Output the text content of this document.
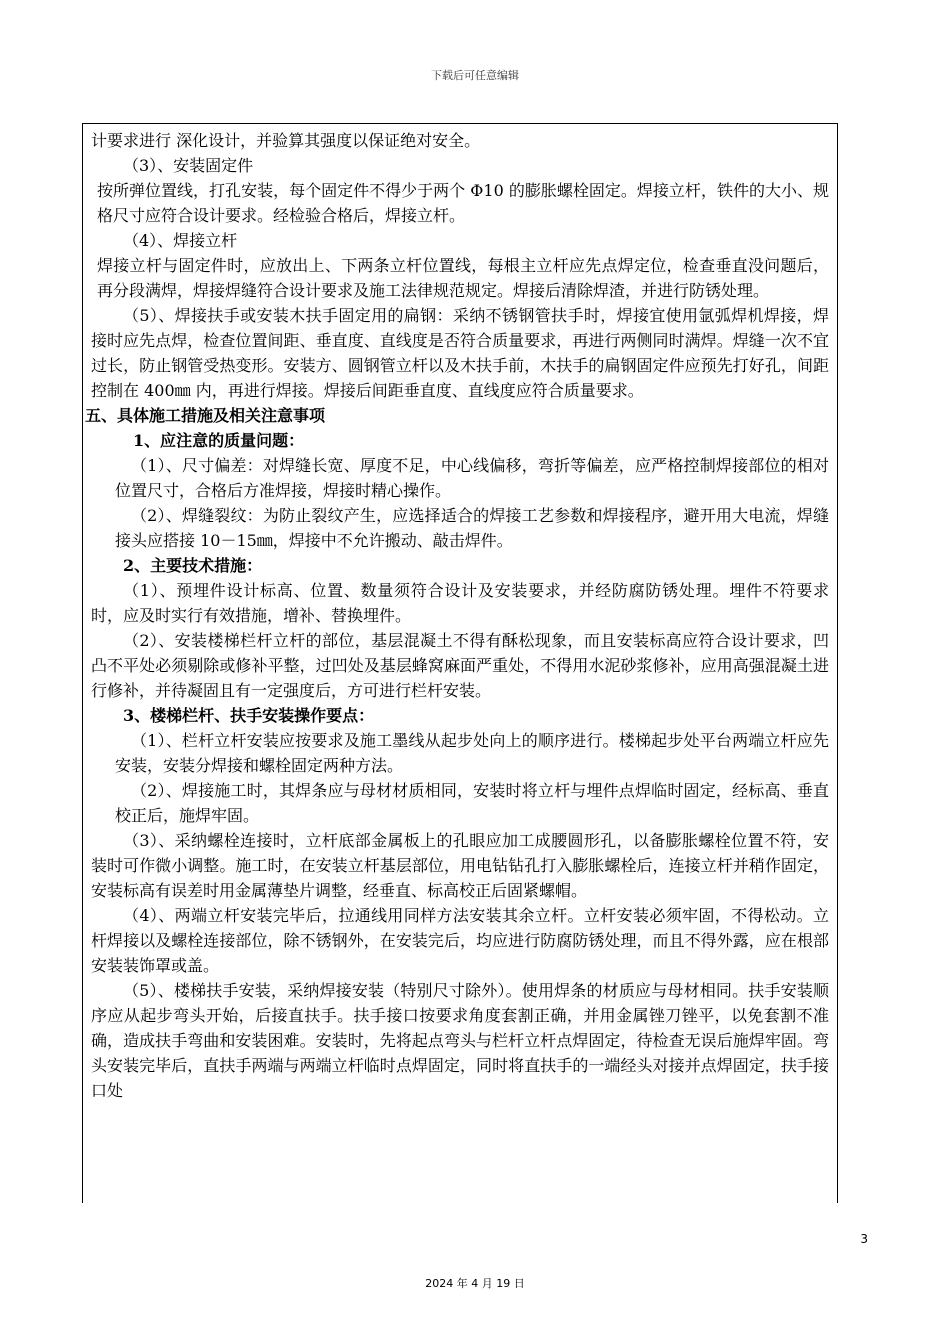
下载后可任意编辑

计要求进行 深化设计，并验算其强度以保证绝对安全。

（3）、安装固定件

按所弹位置线，打孔安装，每个固定件不得少于两个 Φ10 的膨胀螺栓固定。焊接立杆，铁件的大小、规格尺寸应符合设计要求。经检验合格后，焊接立杆。

（4）、焊接立杆

焊接立杆与固定件时，应放出上、下两条立杆位置线，每根主立杆应先点焊定位，检查垂直没问题后，再分段满焊，焊接焊缝符合设计要求及施工法律规范规定。焊接后清除焊渣，并进行防锈处理。

（5）、焊接扶手或安装木扶手固定用的扁钢：采纳不锈钢管扶手时，焊接宜使用氩弧焊机焊接，焊接时应先点焊，检查位置间距、垂直度、直线度是否符合质量要求，再进行两侧同时满焊。焊缝一次不宜过长，防止钢管受热变形。安装方、圆钢管立杆以及木扶手前，木扶手的扁钢固定件应预先打好孔，间距控制在 400㎜ 内，再进行焊接。焊接后间距垂直度、直线度应符合质量要求。

五、具体施工措施及相关注意事项

1、应注意的质量问题：

（1）、尺寸偏差：对焊缝长宽、厚度不足，中心线偏移，弯折等偏差，应严格控制焊接部位的相对位置尺寸，合格后方准焊接，焊接时精心操作。

（2）、焊缝裂纹：为防止裂纹产生，应选择适合的焊接工艺参数和焊接程序，避开用大电流，焊缝接头应搭接 10－15㎜，焊接中不允许搬动、敲击焊件。

2、主要技术措施：

（1）、预埋件设计标高、位置、数量须符合设计及安装要求，并经防腐防锈处理。埋件不符要求时，应及时实行有效措施，增补、替换埋件。

（2）、安装楼梯栏杆立杆的部位，基层混凝土不得有酥松现象，而且安装标高应符合设计要求，凹凸不平处必须剔除或修补平整，过凹处及基层蜂窝麻面严重处，不得用水泥砂浆修补，应用高强混凝土进行修补，并待凝固且有一定强度后，方可进行栏杆安装。

3、楼梯栏杆、扶手安装操作要点：

（1）、栏杆立杆安装应按要求及施工墨线从起步处向上的顺序进行。楼梯起步处平台两端立杆应先安装，安装分焊接和螺栓固定两种方法。

（2）、焊接施工时，其焊条应与母材材质相同，安装时将立杆与埋件点焊临时固定，经标高、垂直校正后，施焊牢固。

（3）、采纳螺栓连接时，立杆底部金属板上的孔眼应加工成腰圆形孔，以备膨胀螺栓位置不符，安装时可作微小调整。施工时，在安装立杆基层部位，用电钻钻孔打入膨胀螺栓后，连接立杆并稍作固定，安装标高有误差时用金属薄垫片调整，经垂直、标高校正后固紧螺帽。

（4）、两端立杆安装完毕后，拉通线用同样方法安装其余立杆。立杆安装必须牢固，不得松动。立杆焊接以及螺栓连接部位，除不锈钢外，在安装完后，均应进行防腐防锈处理，而且不得外露，应在根部安装装饰罩或盖。

（5）、楼梯扶手安装，采纳焊接安装（特别尺寸除外）。使用焊条的材质应与母材相同。扶手安装顺序应从起步弯头开始，后接直扶手。扶手接口按要求角度套割正确，并用金属锉刀锉平，以免套割不准确，造成扶手弯曲和安装困难。安装时，先将起点弯头与栏杆立杆点焊固定，待检查无误后施焊牢固。弯头安装完毕后，直扶手两端与两端立杆临时点焊固定，同时将直扶手的一端经头对接并点焊固定，扶手接口处

3
2024 年 4 月 19 日
